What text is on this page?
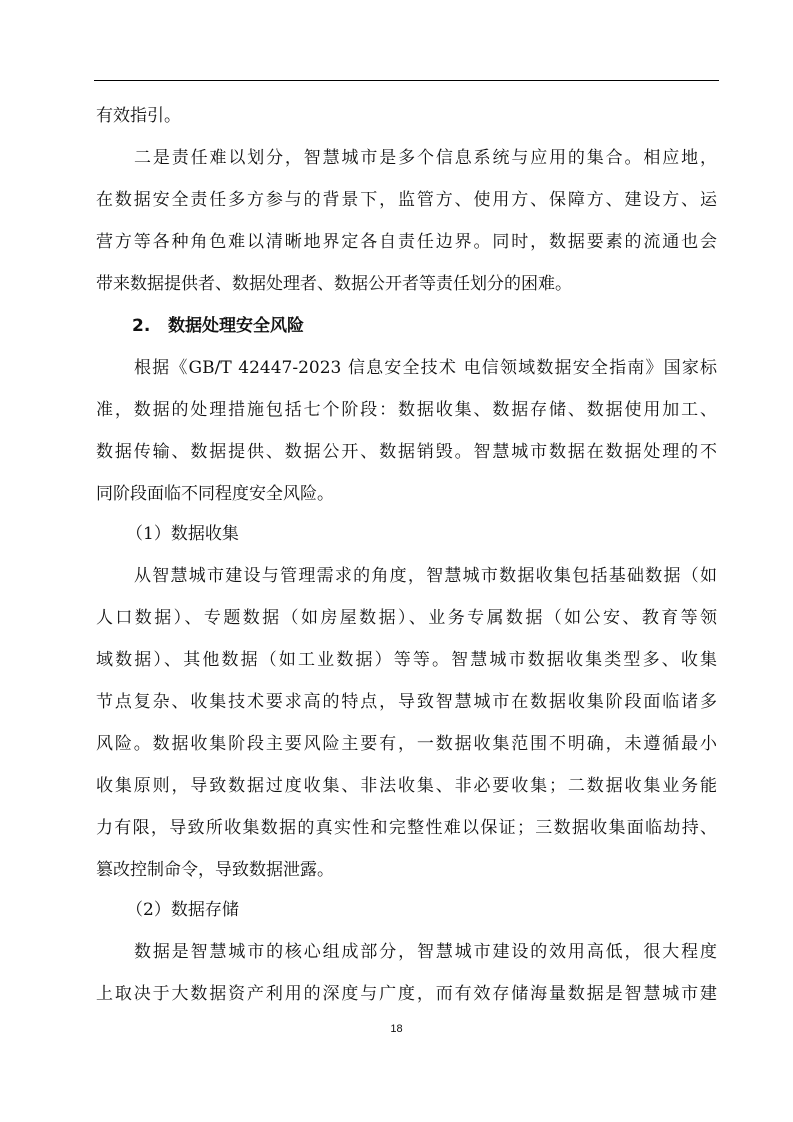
有效指引。

二是责任难以划分，智慧城市是多个信息系统与应用的集合。相应地，

在数据安全责任多方参与的背景下，监管方、使用方、保障方、建设方、运

营方等各种角色难以清晰地界定各自责任边界。同时，数据要素的流通也会

带来数据提供者、数据处理者、数据公开者等责任划分的困难。

2. 数据处理安全风险

根据《GB/T 42447-2023 信息安全技术 电信领域数据安全指南》国家标

准，数据的处理措施包括七个阶段：数据收集、数据存储、数据使用加工、

数据传输、数据提供、数据公开、数据销毁。智慧城市数据在数据处理的不

同阶段面临不同程度安全风险。

（1）数据收集

从智慧城市建设与管理需求的角度，智慧城市数据收集包括基础数据（如

人口数据）、专题数据（如房屋数据）、业务专属数据（如公安、教育等领

域数据）、其他数据（如工业数据）等等。智慧城市数据收集类型多、收集

节点复杂、收集技术要求高的特点，导致智慧城市在数据收集阶段面临诸多

风险。数据收集阶段主要风险主要有，一数据收集范围不明确，未遵循最小

收集原则，导致数据过度收集、非法收集、非必要收集；二数据收集业务能

力有限，导致所收集数据的真实性和完整性难以保证；三数据收集面临劫持、

篡改控制命令，导致数据泄露。

（2）数据存储

数据是智慧城市的核心组成部分，智慧城市建设的效用高低，很大程度

上取决于大数据资产利用的深度与广度，而有效存储海量数据是智慧城市建

18
